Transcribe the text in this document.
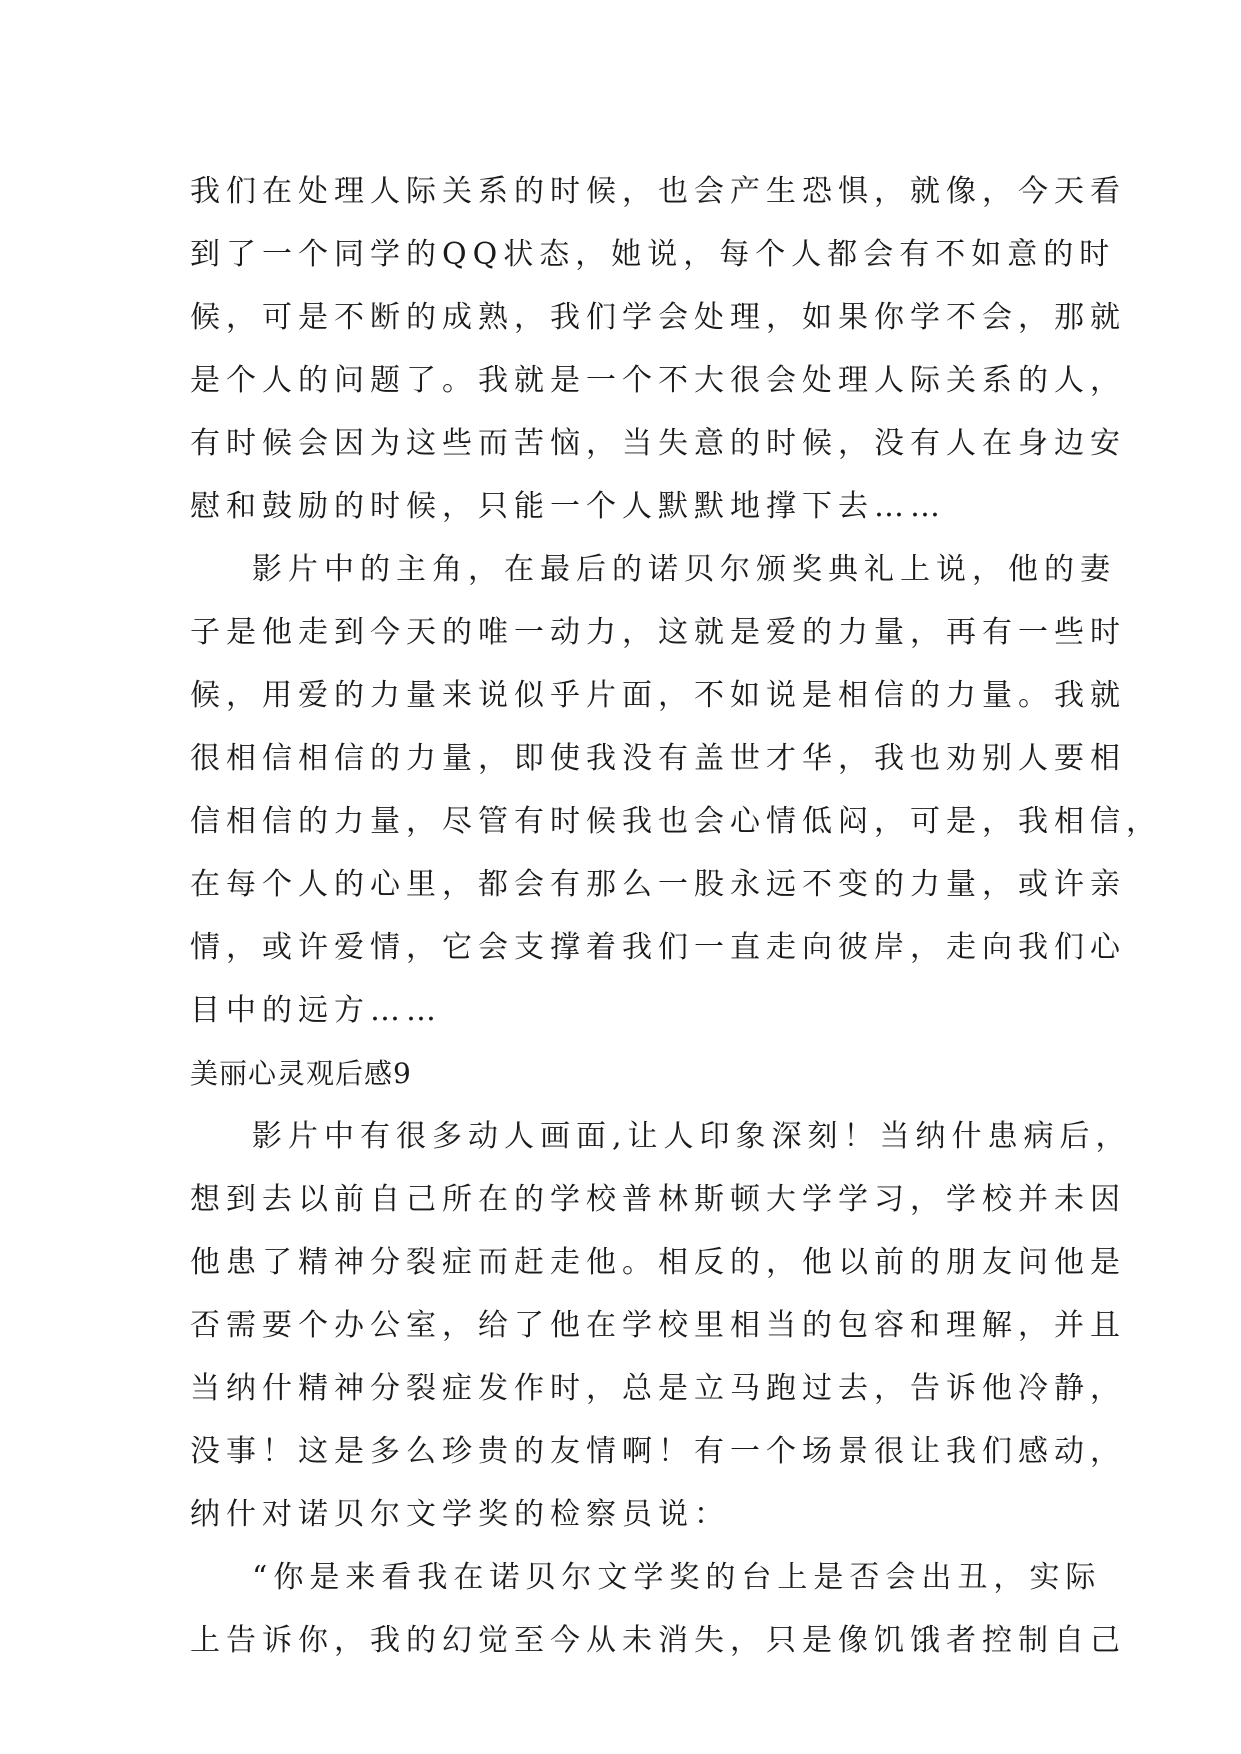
我们在处理人际关系的时候，也会产生恐惧，就像，今天看
到了一个同学的QQ状态，她说，每个人都会有不如意的时
候，可是不断的成熟，我们学会处理，如果你学不会，那就
是个人的问题了。我就是一个不大很会处理人际关系的人，
有时候会因为这些而苦恼，当失意的时候，没有人在身边安
慰和鼓励的时候，只能一个人默默地撑下去……
影片中的主角，在最后的诺贝尔颁奖典礼上说，他的妻
子是他走到今天的唯一动力，这就是爱的力量，再有一些时
候，用爱的力量来说似乎片面，不如说是相信的力量。我就
很相信相信的力量，即使我没有盖世才华，我也劝别人要相
信相信的力量，尽管有时候我也会心情低闷，可是，我相信，
在每个人的心里，都会有那么一股永远不变的力量，或许亲
情，或许爱情，它会支撑着我们一直走向彼岸，走向我们心
目中的远方……
美丽心灵观后感9
影片中有很多动人画面,让人印象深刻！当纳什患病后，
想到去以前自己所在的学校普林斯顿大学学习，学校并未因
他患了精神分裂症而赶走他。相反的，他以前的朋友问他是
否需要个办公室，给了他在学校里相当的包容和理解，并且
当纳什精神分裂症发作时，总是立马跑过去，告诉他冷静，
没事！这是多么珍贵的友情啊！有一个场景很让我们感动，
纳什对诺贝尔文学奖的检察员说：
“你是来看我在诺贝尔文学奖的台上是否会出丑，实际
上告诉你，我的幻觉至今从未消失，只是像饥饿者控制自己
